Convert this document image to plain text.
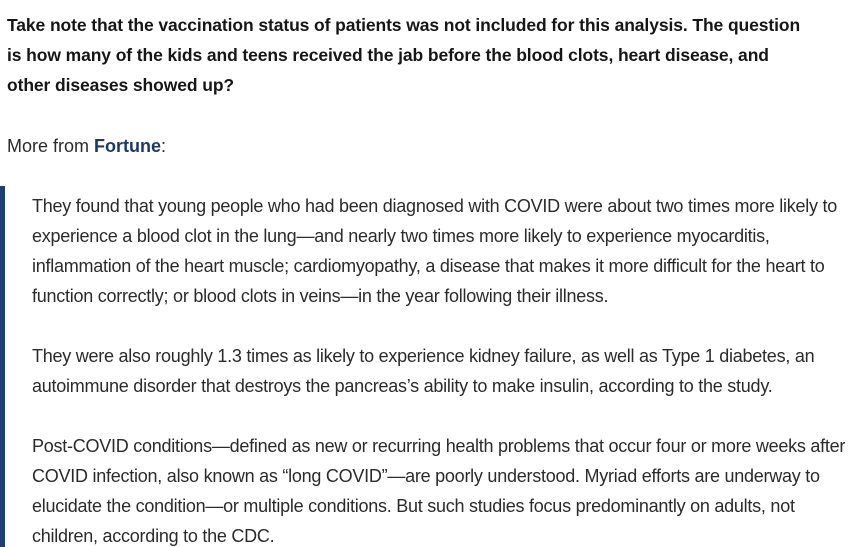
Take note that the vaccination status of patients was not included for this analysis. The question is how many of the kids and teens received the jab before the blood clots, heart disease, and other diseases showed up?

More from Fortune:

They found that young people who had been diagnosed with COVID were about two times more likely to experience a blood clot in the lung—and nearly two times more likely to experience myocarditis, inflammation of the heart muscle; cardiomyopathy, a disease that makes it more difficult for the heart to function correctly; or blood clots in veins—in the year following their illness.

They were also roughly 1.3 times as likely to experience kidney failure, as well as Type 1 diabetes, an autoimmune disorder that destroys the pancreas’s ability to make insulin, according to the study.

Post-COVID conditions—defined as new or recurring health problems that occur four or more weeks after COVID infection, also known as “long COVID”—are poorly understood. Myriad efforts are underway to elucidate the condition—or multiple conditions. But such studies focus predominantly on adults, not children, according to the CDC.
